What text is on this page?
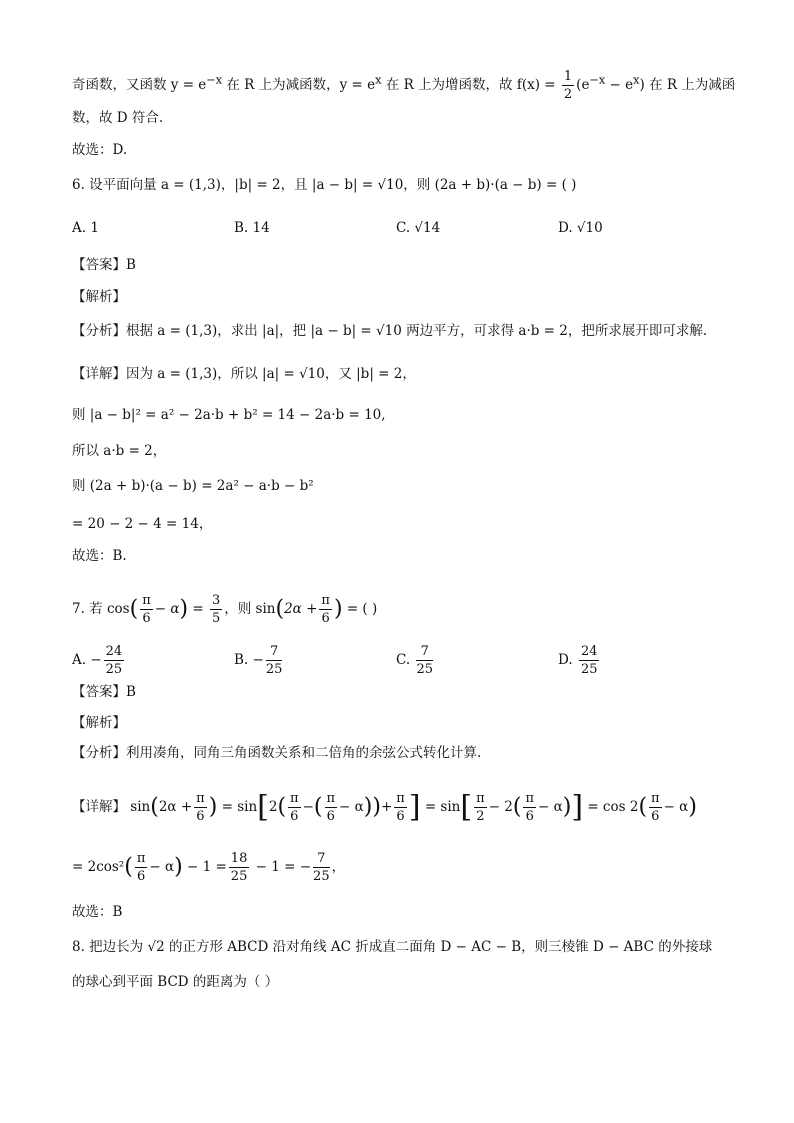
奇函数，又函数 $y = e^{-x}$ 在 R 上为减函数，$y = e^x$ 在 R 上为增函数，故 $f(x) = \frac{1}{2} (e^{-x} - e^x)$ 在 R 上为减函
数，故 D 符合.
故选：D.
6. 设平面向量 a = (1,3)，|b| = 2，且 |a − b| = √10，则 (2a + b)·(a − b) = ( )
A. 1	B. 14	C. √14	D. √10
【答案】B
【解析】
【分析】根据 a = (1,3)，求出 |a|，把 |a − b| = √10 两边平方，可求得 a·b = 2，把所求展开即可求解.
【详解】因为 a = (1,3)，所以 |a| = √10，又 |b| = 2，
则 |a − b|² = a² − 2a·b + b² = 14 − 2a·b = 10,
所以 a·b = 2，
则 (2a + b)·(a − b) = 2a² − a·b − b²
= 20 − 2 − 4 = 14，
故选：B.
7. 若 $\cos( \frac{\pi}{6} - \alpha) = \frac{3}{5}$ ，则 $\sin(2\alpha + \frac{\pi}{6}$ ) = ( )
A. − $\frac{24}{25}$	B. − $\frac{7}{25}$	C. $\frac{7}{25}$	D. $\frac{24}{25}$
【答案】B
【解析】
【分析】利用凑角，同角三角函数关系和二倍角的余弦公式转化计算.
【详解】 $\sin(2\alpha + \frac{\pi}{6}$ ) = $\sin[2( \frac{\pi}{6}$ −( $\frac{\pi}{6} - \alpha))+ \frac{\pi}{6}$ ] = $\sin[ \frac{\pi}{2} - 2( \frac{\pi}{6} - \alpha)] = \cos 2( \frac{\pi}{6} - \alpha)$
= $2\cos^2( \frac{\pi}{6} - \alpha) - 1 = \frac{18}{25} - 1$ = − $\frac{7}{25}$ ，
故选：B
8. 把边长为 √2 的正方形 ABCD 沿对角线 AC 折成直二面角 D − AC − B，则三棱锥 D − ABC 的外接球
的球心到平面 BCD 的距离为（ ）
